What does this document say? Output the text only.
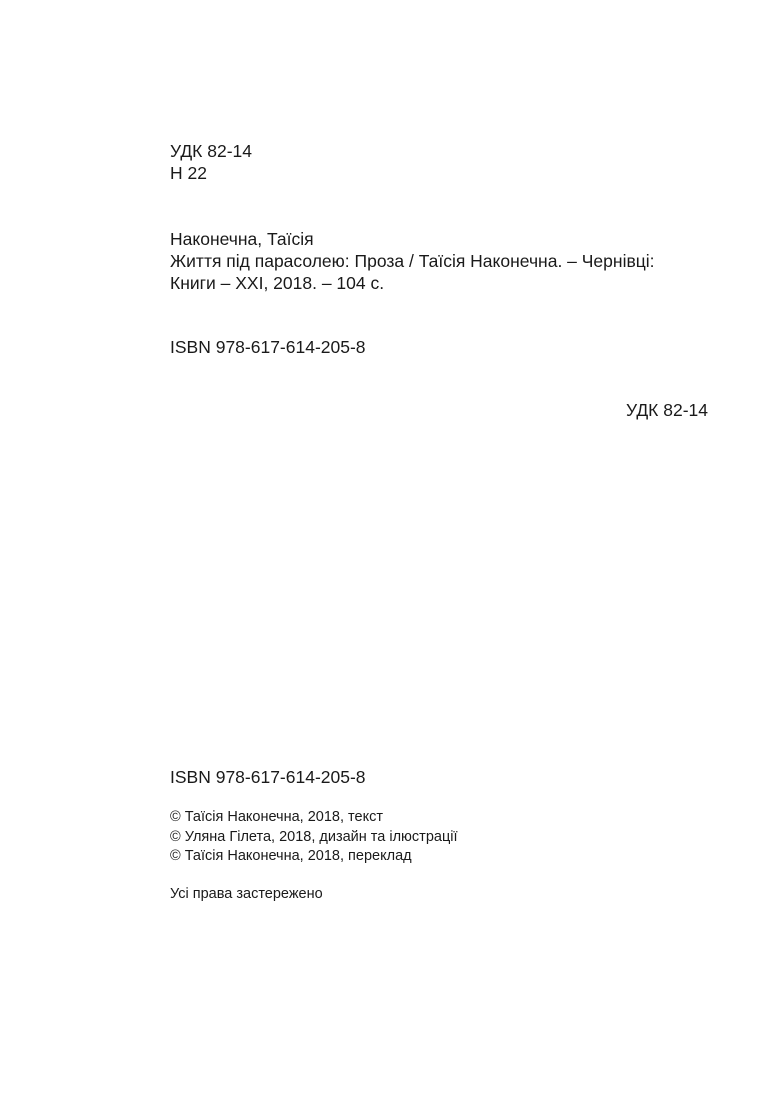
УДК 82-14
Н 22
Наконечна, Таїсія
Життя під парасолею: Проза / Таїсія Наконечна. – Чернівці:
Книги – XXI, 2018. – 104 с.
ISBN 978-617-614-205-8
УДК 82-14
ISBN 978-617-614-205-8
© Таїсія Наконечна, 2018, текст
© Уляна Гілета, 2018, дизайн та ілюстрації
© Таїсія Наконечна, 2018, переклад
Усі права застережено
